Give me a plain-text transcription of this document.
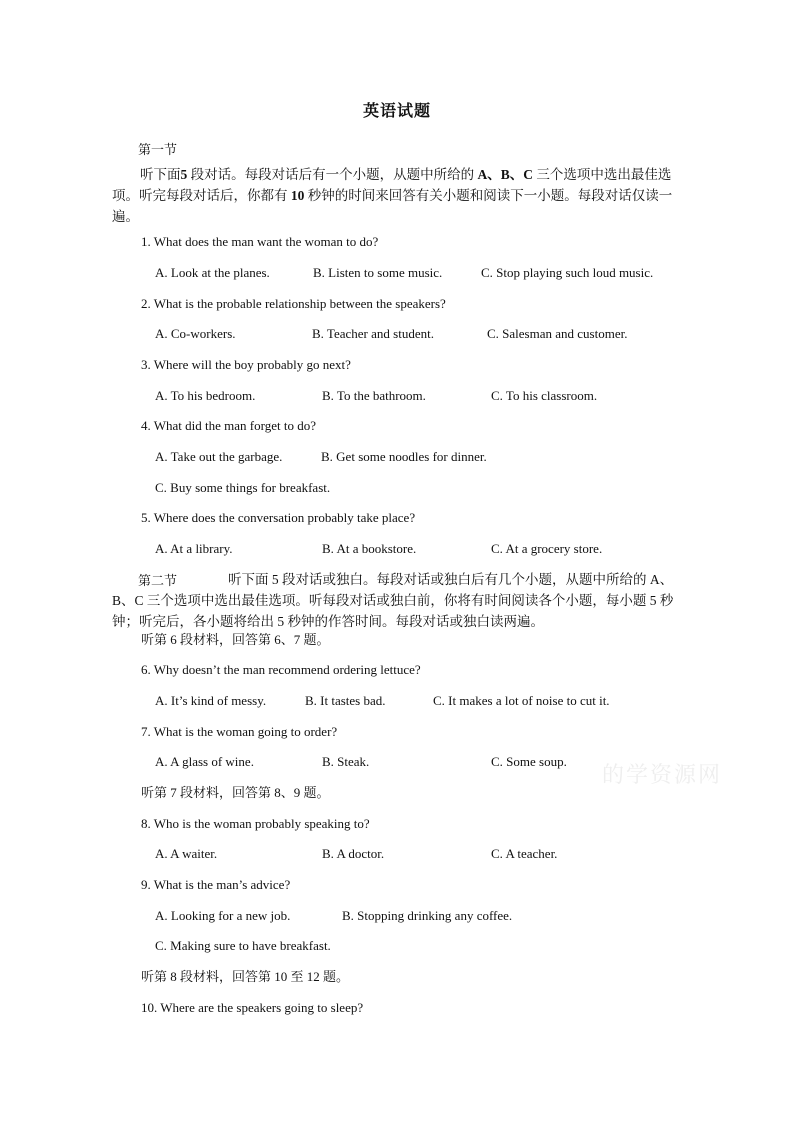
英语试题
第一节
听下面5 段对话。每段对话后有一个小题，从题中所给的 A、B、C 三个选项中选出最佳选项。听完每段对话后，你都有 10 秒钟的时间来回答有关小题和阅读下一小题。每段对话仅读一遍。
1. What does the man want the woman to do?
A. Look at the planes.	B. Listen to some music.	C. Stop playing such loud music.
2. What is the probable relationship between the speakers?
A. Co-workers.	B. Teacher and student.	C. Salesman and customer.
3. Where will the boy probably go next?
A. To his bedroom.	B. To the bathroom.	C. To his classroom.
4. What did the man forget to do?
A. Take out the garbage.	B. Get some noodles for dinner.
C. Buy some things for breakfast.
5. Where does the conversation probably take place?
A. At a library.	B. At a bookstore.	C. At a grocery store.
第二节	听下面 5 段对话或独白。每段对话或独白后有几个小题，从题中所给的 A、B、C 三个选项中选出最佳选项。听每段对话或独白前，你将有时间阅读各个小题，每小题 5 秒钟；听完后，各小题将给出 5 秒钟的作答时间。每段对话或独白读两遍。
听第 6 段材料，回答第 6、7 题。
6. Why doesn’t the man recommend ordering lettuce?
A. It’s kind of messy.	B. It tastes bad.	C. It makes a lot of noise to cut it.
7. What is the woman going to order?
A. A glass of wine.	B. Steak.	C. Some soup.
听第 7 段材料，回答第 8、9 题。
8. Who is the woman probably speaking to?
A. A waiter.	B. A doctor.	C. A teacher.
9. What is the man’s advice?
A. Looking for a new job.	B. Stopping drinking any coffee.
C. Making sure to have breakfast.
听第 8 段材料，回答第 10 至 12 题。
10. Where are the speakers going to sleep?
的学资源网
